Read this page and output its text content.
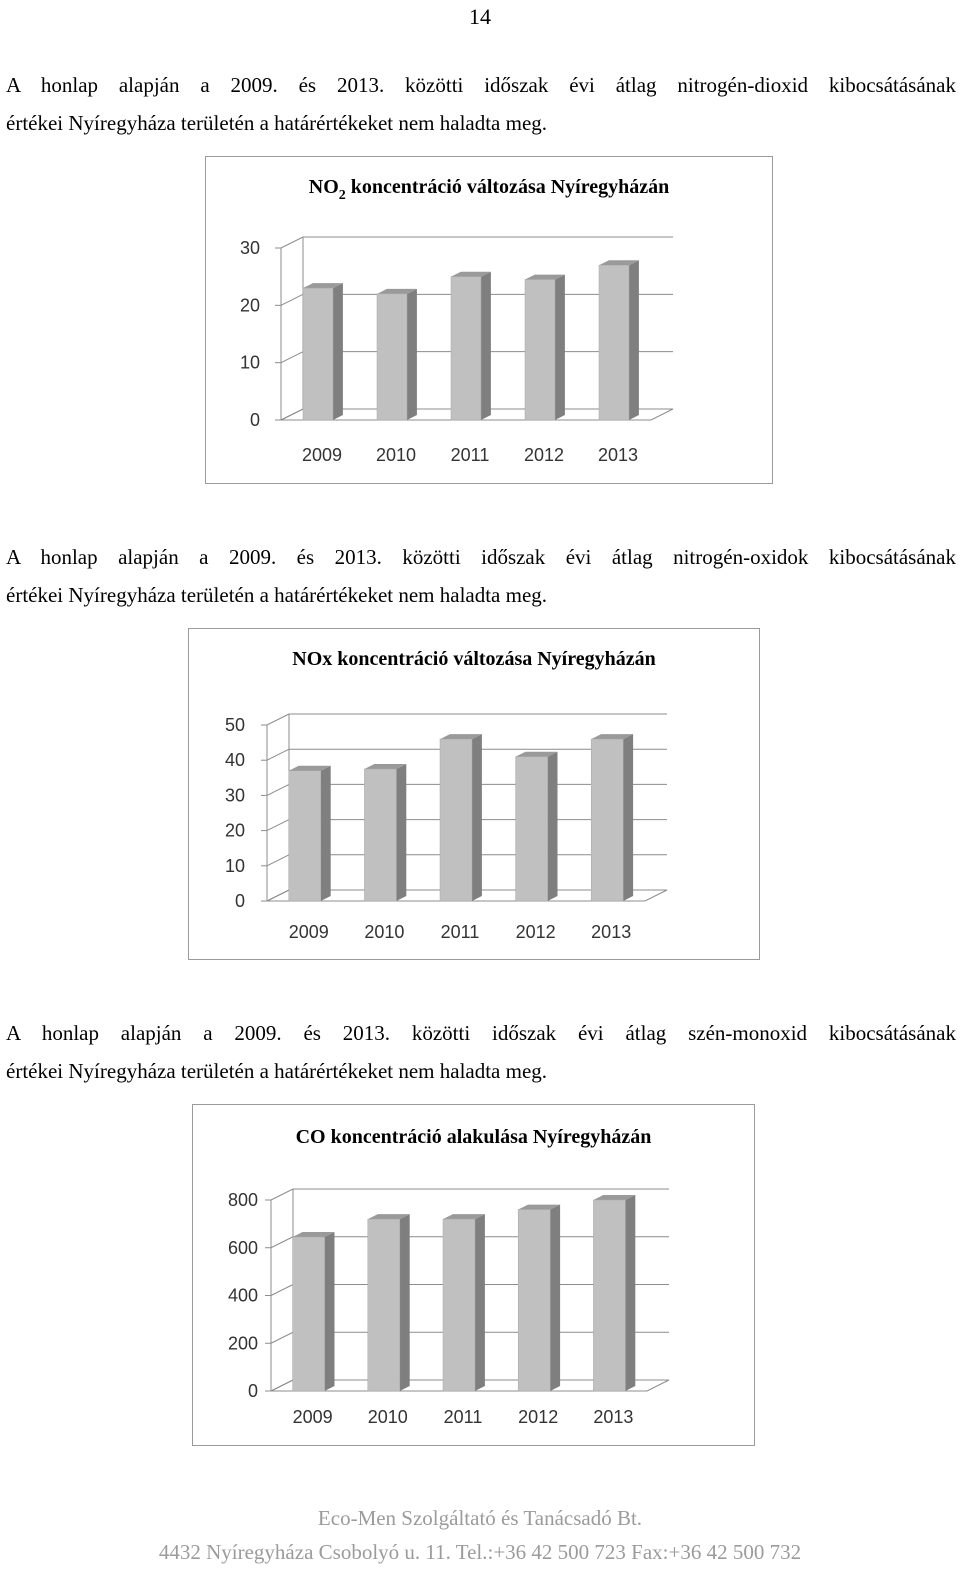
14
A honlap alapján a 2009. és 2013. közötti időszak évi átlag nitrogén-dioxid kibocsátásának
értékei Nyíregyháza területén a határértékeket nem haladta meg.
$NO_2$ koncentráció változása Nyíregyházán
0
10
20
30
2009 2010 2011 2012 2013
A honlap alapján a 2009. és 2013. közötti időszak évi átlag nitrogén-oxidok kibocsátásának
értékei Nyíregyháza területén a határértékeket nem haladta meg.
NOx koncentráció változása Nyíregyházán
0
10
20
30
40
50
2009 2010 2011 2012 2013
A honlap alapján a 2009. és 2013. közötti időszak évi átlag szén-monoxid kibocsátásának
értékei Nyíregyháza területén a határértékeket nem haladta meg.
CO koncentráció alakulása Nyíregyházán
0
200
400
600
800
2009 2010 2011 2012 2013
Eco-Men Szolgáltató és Tanácsadó Bt.
4432 Nyíregyháza Csobolyó u. 11. Tel.:+36 42 500 723 Fax:+36 42 500 732
